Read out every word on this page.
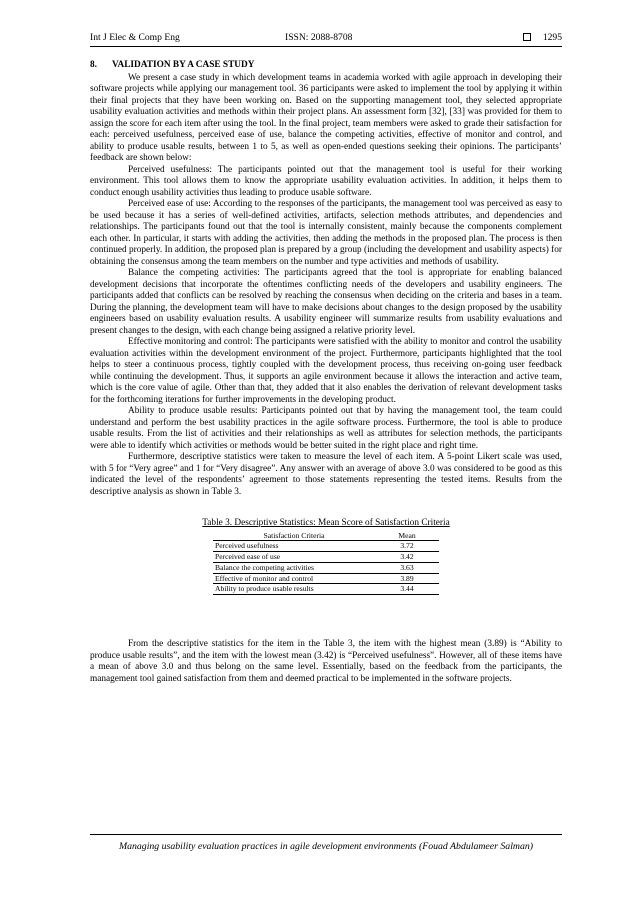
Int J Elec & Comp Eng	ISSN: 2088-8708	1295
8. VALIDATION BY A CASE STUDY

We present a case study in which development teams in academia worked with agile approach in developing their software projects while applying our management tool. 36 participants were asked to implement the tool by applying it within their final projects that they have been working on. Based on the supporting management tool, they selected appropriate usability evaluation activities and methods within their project plans. An assessment form [32], [33] was provided for them to assign the score for each item after using the tool. In the final project, team members were asked to grade their satisfaction for each: perceived usefulness, perceived ease of use, balance the competing activities, effective of monitor and control, and ability to produce usable results, between 1 to 5, as well as open-ended questions seeking their opinions. The participants’ feedback are shown below:

Perceived usefulness: The participants pointed out that the management tool is useful for their working environment. This tool allows them to know the appropriate usability evaluation activities. In addition, it helps them to conduct enough usability activities thus leading to produce usable software.

Perceived ease of use: According to the responses of the participants, the management tool was perceived as easy to be used because it has a series of well-defined activities, artifacts, selection methods attributes, and dependencies and relationships. The participants found out that the tool is internally consistent, mainly because the components complement each other. In particular, it starts with adding the activities, then adding the methods in the proposed plan. The process is then continued properly. In addition, the proposed plan is prepared by a group (including the development and usability aspects) for obtaining the consensus among the team members on the number and type activities and methods of usability.

Balance the competing activities: The participants agreed that the tool is appropriate for enabling balanced development decisions that incorporate the oftentimes conflicting needs of the developers and usability engineers. The participants added that conflicts can be resolved by reaching the consensus when deciding on the criteria and bases in a team. During the planning, the development team will have to make decisions about changes to the design proposed by the usability engineers based on usability evaluation results. A usability engineer will summarize results from usability evaluations and present changes to the design, with each change being assigned a relative priority level.

Effective monitoring and control: The participants were satisfied with the ability to monitor and control the usability evaluation activities within the development environment of the project. Furthermore, participants highlighted that the tool helps to steer a continuous process, tightly coupled with the development process, thus receiving on-going user feedback while continuing the development. Thus, it supports an agile environment because it allows the interaction and active team, which is the core value of agile. Other than that, they added that it also enables the derivation of relevant development tasks for the forthcoming iterations for further improvements in the developing product.

Ability to produce usable results: Participants pointed out that by having the management tool, the team could understand and perform the best usability practices in the agile software process. Furthermore, the tool is able to produce usable results. From the list of activities and their relationships as well as attributes for selection methods, the participants were able to identify which activities or methods would be better suited in the right place and right time.

Furthermore, descriptive statistics were taken to measure the level of each item. A 5-point Likert scale was used, with 5 for “Very agree” and 1 for “Very disagree”. Any answer with an average of above 3.0 was considered to be good as this indicated the level of the respondents’ agreement to those statements representing the tested items. Results from the descriptive analysis as shown in Table 3.

Table 3. Descriptive Statistics: Mean Score of Satisfaction Criteria
Satisfaction Criteria	Mean
Perceived usefulness	3.72
Perceived ease of use	3.42
Balance the competing activities	3.63
Effective of monitor and control	3.89
Ability to produce usable results	3.44

From the descriptive statistics for the item in the Table 3, the item with the highest mean (3.89) is “Ability to produce usable results”, and the item with the lowest mean (3.42) is “Perceived usefulness”. However, all of these items have a mean of above 3.0 and thus belong on the same level. Essentially, based on the feedback from the participants, the management tool gained satisfaction from them and deemed practical to be implemented in the software projects.

Managing usability evaluation practices in agile development environments (Fouad Abdulameer Salman)
